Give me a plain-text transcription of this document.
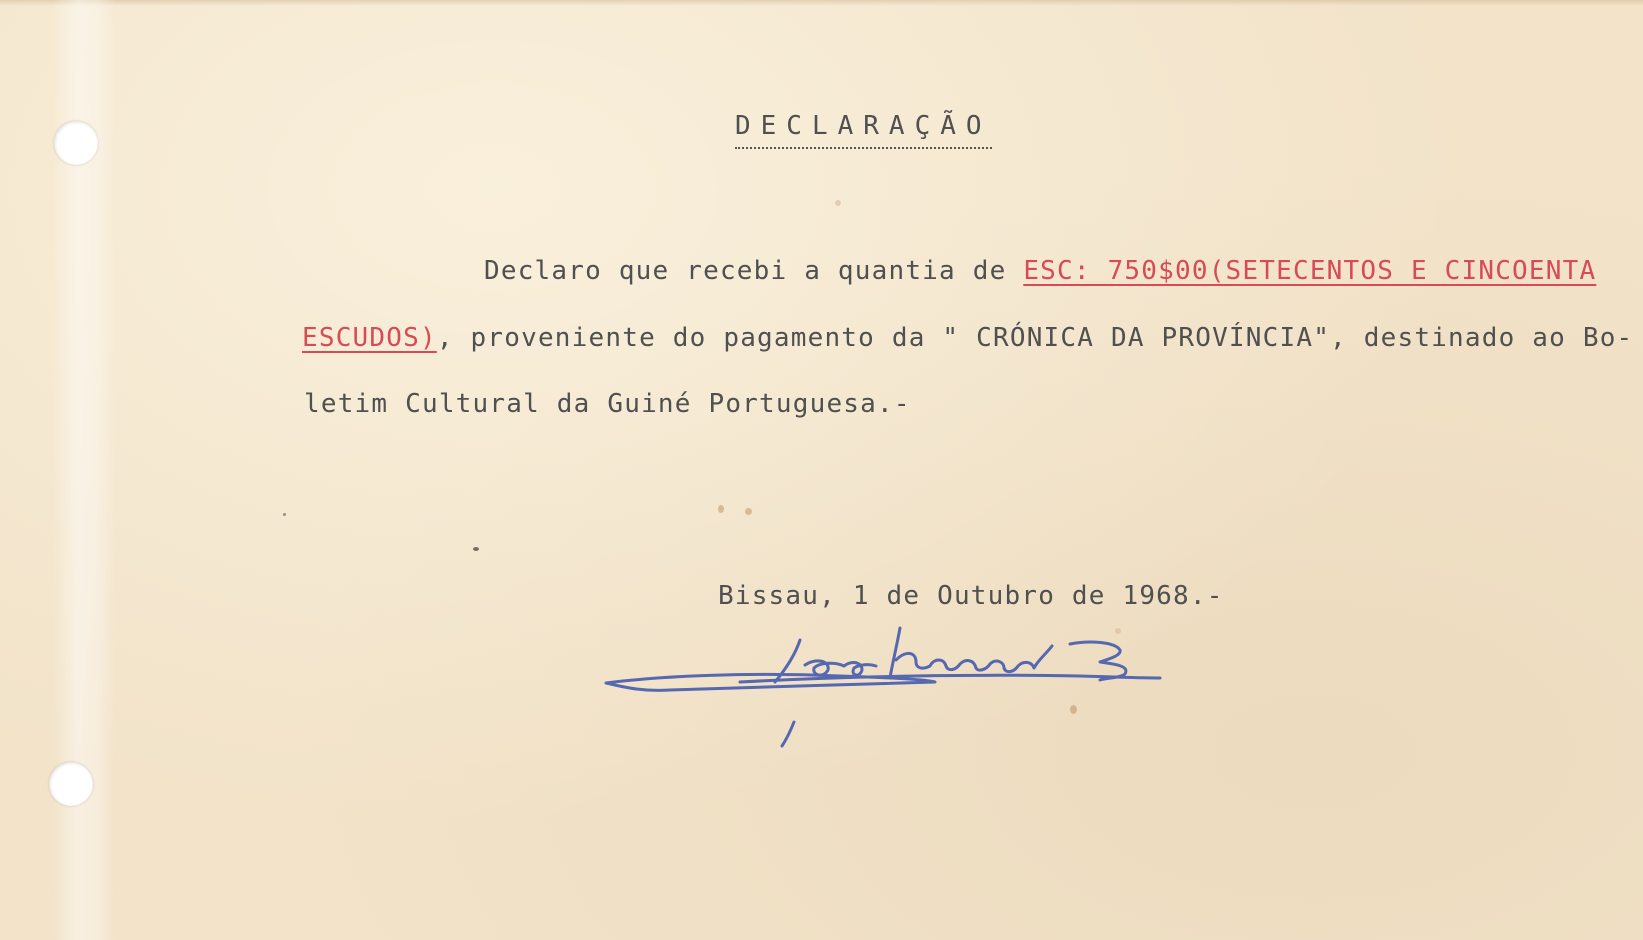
DECLARAÇÃO
Declaro que recebi a quantia de ESC: 750$00(SETECENTOS E CINCOENTA
ESCUDOS), proveniente do pagamento da " CRÓNICA DA PROVÍNCIA", destinado ao Bo-
letim Cultural da Guiné Portuguesa.-
Bissau, 1 de Outubro de 1968.-
